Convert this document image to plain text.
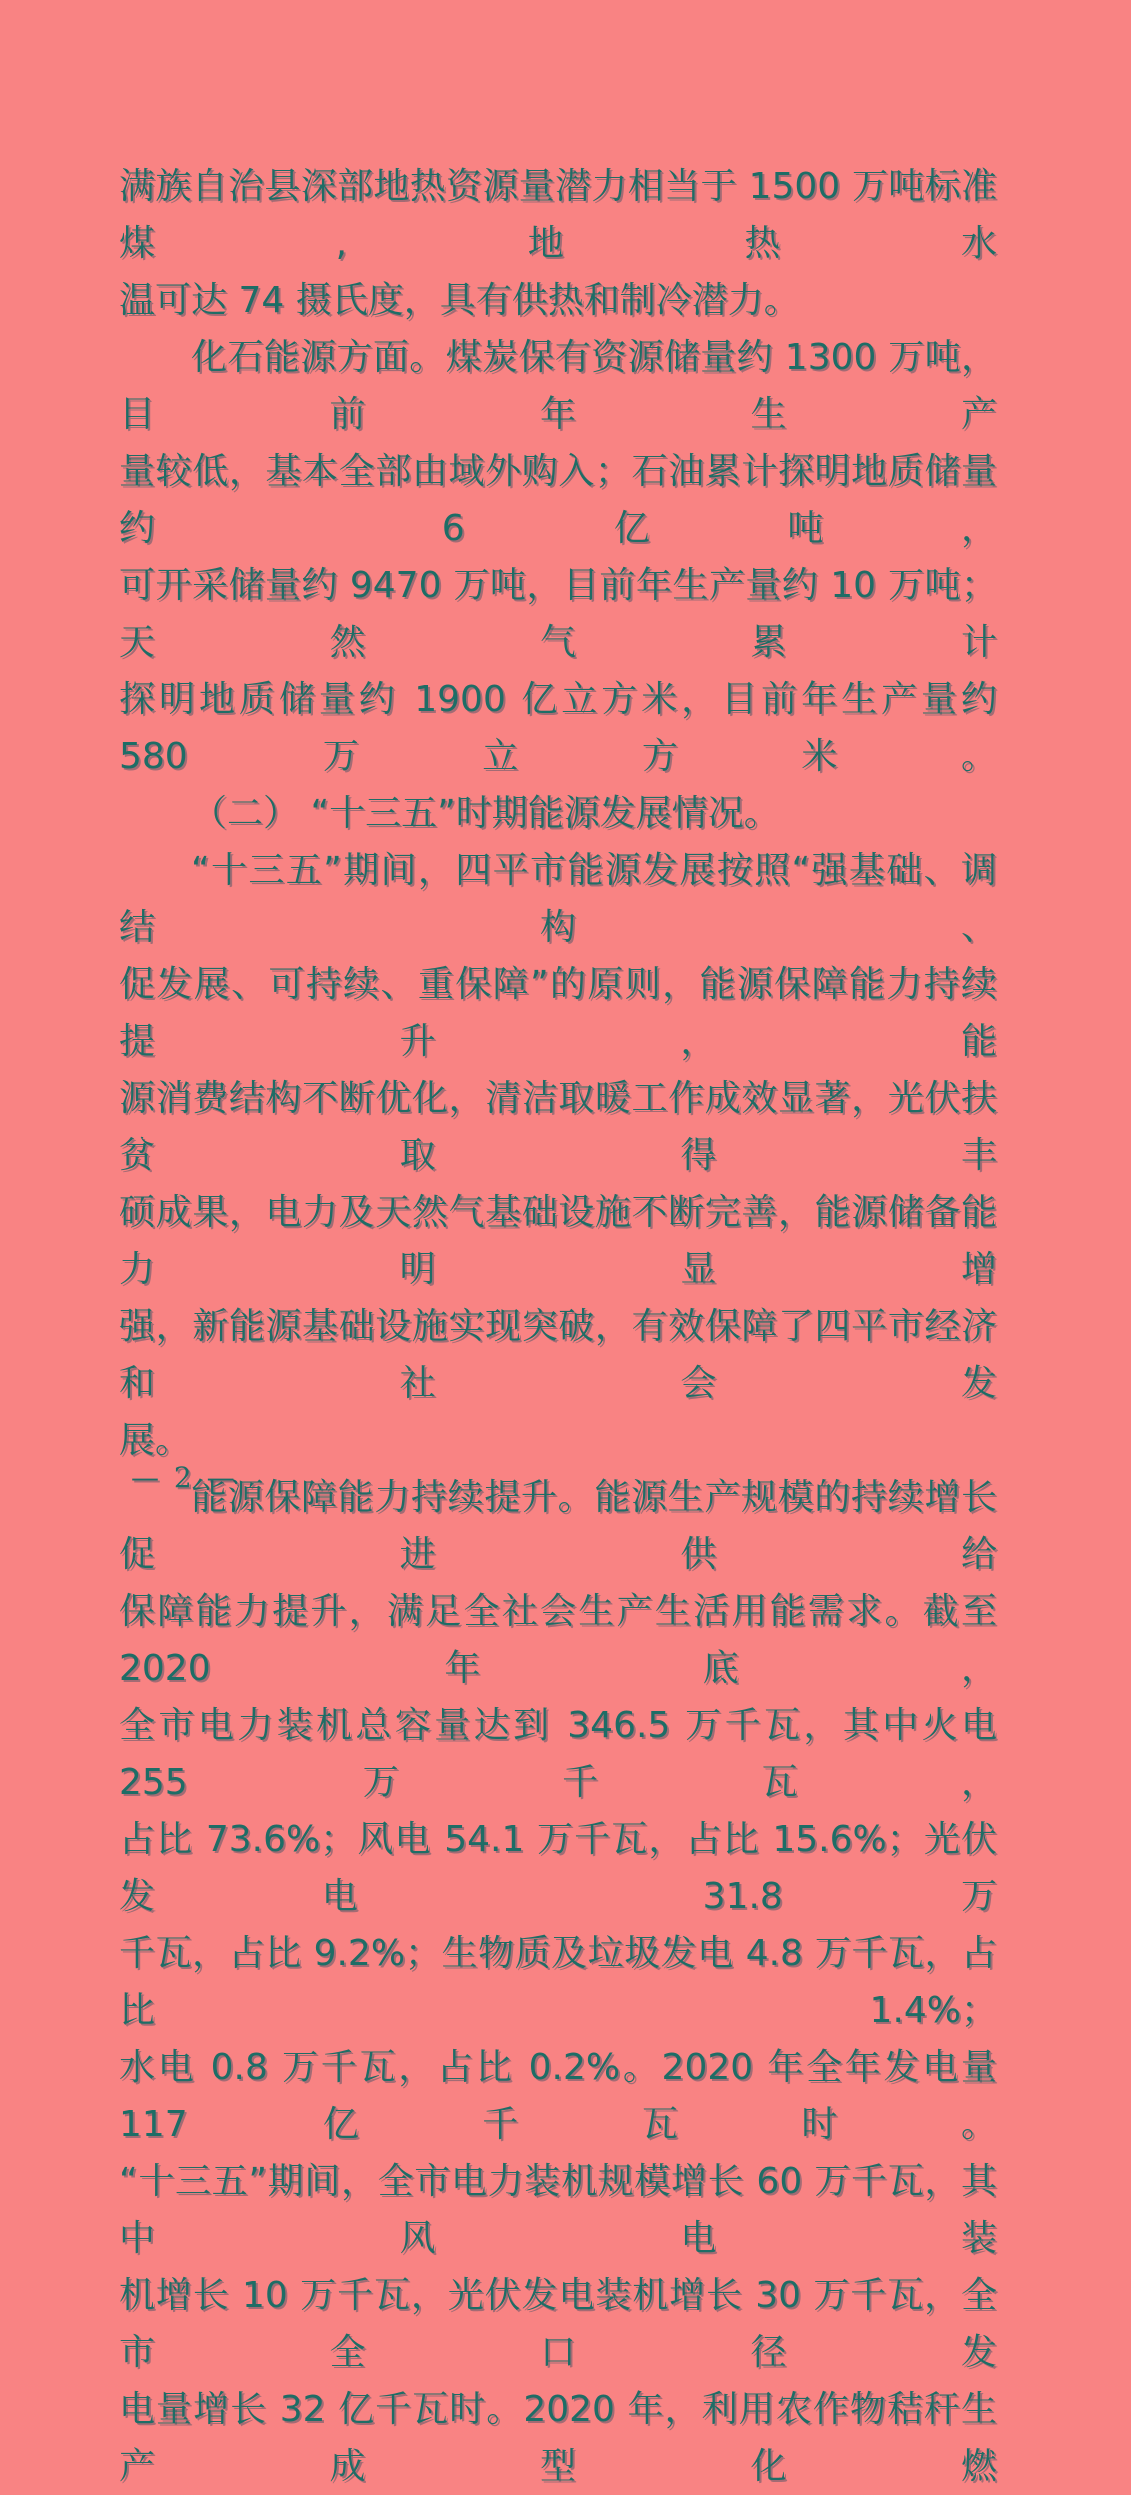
满族自治县深部地热资源量潜力相当于 1500 万吨标准煤,地热水
温可达 74 摄氏度，具有供热和制冷潜力。
化石能源方面。煤炭保有资源储量约 1300 万吨，目前年生产
量较低，基本全部由域外购入；石油累计探明地质储量约 6 亿吨，
可开采储量约 9470 万吨，目前年生产量约 10 万吨；天然气累计
探明地质储量约 1900 亿立方米，目前年生产量约 580 万立方米。
（二） “十三五”时期能源发展情况。
“十三五”期间，四平市能源发展按照“强基础、调结构、
促发展、可持续、重保障”的原则，能源保障能力持续提升，能
源消费结构不断优化，清洁取暖工作成效显著，光伏扶贫取得丰
硕成果，电力及天然气基础设施不断完善，能源储备能力明显增
强，新能源基础设施实现突破，有效保障了四平市经济和社会发
展。
能源保障能力持续提升。能源生产规模的持续增长促进供给
保障能力提升，满足全社会生产生活用能需求。截至 2020 年底，
全市电力装机总容量达到 346.5 万千瓦，其中火电 255 万千瓦，
占比 73.6%；风电 54.1 万千瓦，占比 15.6%；光伏发电 31.8 万
千瓦，占比 9.2%；生物质及垃圾发电 4.8 万千瓦，占比 1.4%；
水电 0.8 万千瓦，占比 0.2%。2020 年全年发电量 117 亿千瓦时。
“十三五”期间，全市电力装机规模增长 60 万千瓦，其中风电装
机增长 10 万千瓦，光伏发电装机增长 30 万千瓦，全市全口径发
电量增长 32 亿千瓦时。2020 年，利用农作物秸秆生产成型化燃
— 2 —
